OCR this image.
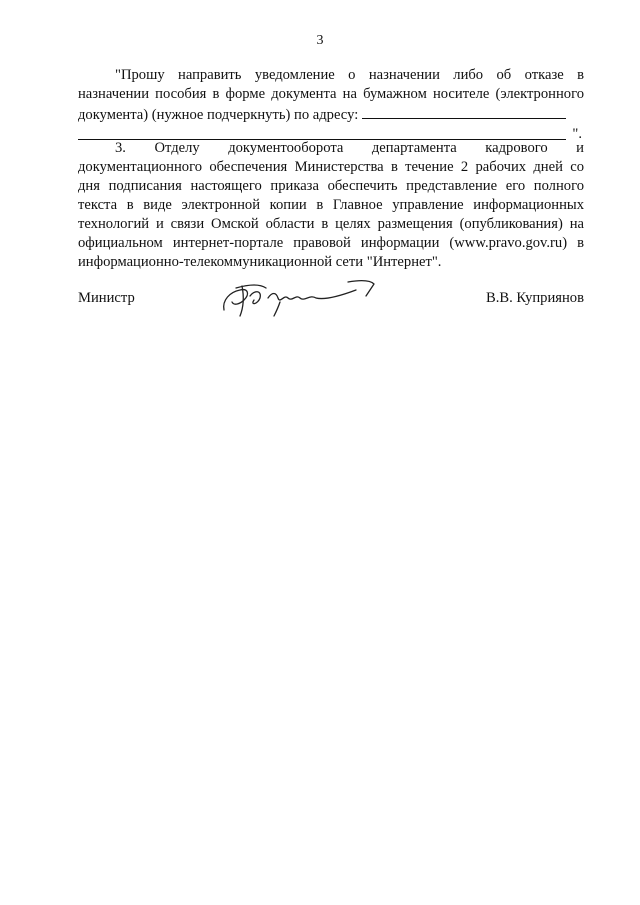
3
"Прошу направить уведомление о назначении либо об отказе в
назначении пособия в форме документа на бумажном носителе (электронного
документа) (нужное подчеркнуть) по адресу:
".
3. Отделу документооборота департамента кадрового и
документационного обеспечения Министерства в течение 2 рабочих дней со
дня подписания настоящего приказа обеспечить представление его полного
текста в виде электронной копии в Главное управление информационных
технологий и связи Омской области в целях размещения (опубликования) на
официальном интернет-портале правовой информации (www.pravo.gov.ru) в
информационно-телекоммуникационной сети "Интернет".
Министр	В.В. Куприянов
